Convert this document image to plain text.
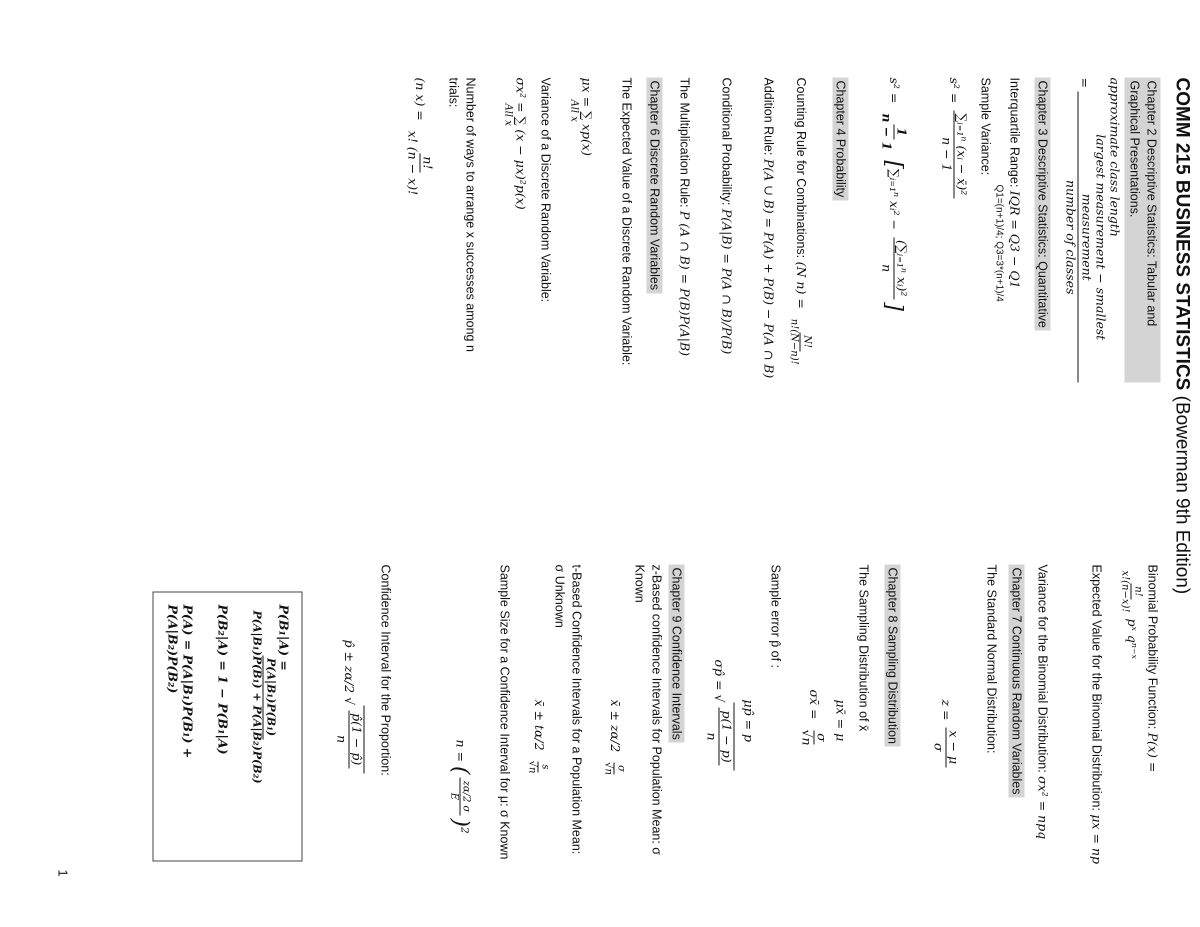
COMM 215 BUSINESS STATISTICS (Bowerman 9th Edition)
Chapter 2 Descriptive Statistics: Tabular and Graphical Presentations.
approximate class length
=
largest measurement − smallest measurement
number of classes
Chapter 3 Descriptive Statistics: Quantitative
Interquartile Range: IQR = Q3 − Q1
Q1=(n+1)/4; Q3=3*(n+1)/4
Sample Variance:
s² =
∑ᵢ₌₁ⁿ (xᵢ − x̄)²
n − 1
s² =
1
n − 1
[∑ᵢ₌₁ⁿ xᵢ² −
(∑ᵢ₌₁ⁿ xᵢ)²
n
]
Chapter 4 Probability
Counting Rule for Combinations: (N n) =
N!
n!(N−n)!
Addition Rule: P(A ∪ B) = P(A) + P(B) − P(A ∩ B)
Conditional Probability: P(A|B) = P(A ∩ B)/P(B)
The Multiplication Rule: P (A ∩ B) = P(B)P(A|B)
Chapter 6 Discrete Random Variables
The Expected Value of a Discrete Random Variable:
μx = ∑ xp(x)
All x
Variance of a Discrete Random Variable:
σx² = ∑ (x − μx)²p(x)
All x
Number of ways to arrange x successes among n trials:
(n x) =
n!
x! (n − x)!
Binomial Probability Function: P(x) =
n!
x!(n−x)!
pˣ qⁿ⁻ˣ
Expected Value for the Binomial Distribution: μx = np
Variance for the Binomial Distribution: σx² = npq
Chapter 7 Continuous Random Variables
The Standard Normal Distribution:
z =
x − μ
σ
Chapter 8 Sampling Distribution
The Sampling Distribution of x̄
μx̄ = μ
σx̄ =
σ
√n
Sample error p̂ of :
μp̂ = p
σp̂ = √
p(1 − p)
n
Chapter 9 Confidence Intervals
z-Based confidence Intervals for Population Mean: σ Known
x̄ ± zα/2
σ
√n
t-Based Confidence Intervals for a Population Mean: σ Unknown
x̄ ± tα/2
s
√n
Sample Size for a Confidence Interval for μ: σ Known
n = (
zα/2 σ
E
)$^2$
Confidence Interval for the Proportion:
p̂ ± zα/2 √
p̂(1 − p̂)
n
P(B₁|A) =
P(A|B₁)P(B₁)
P(A|B₁)P(B₁) + P(A|B₂)P(B₂)
P(B₂|A) = 1 − P(B₁|A)
P(A) = P(A|B₁)P(B₁) + P(A|B₂)P(B₂)
1
